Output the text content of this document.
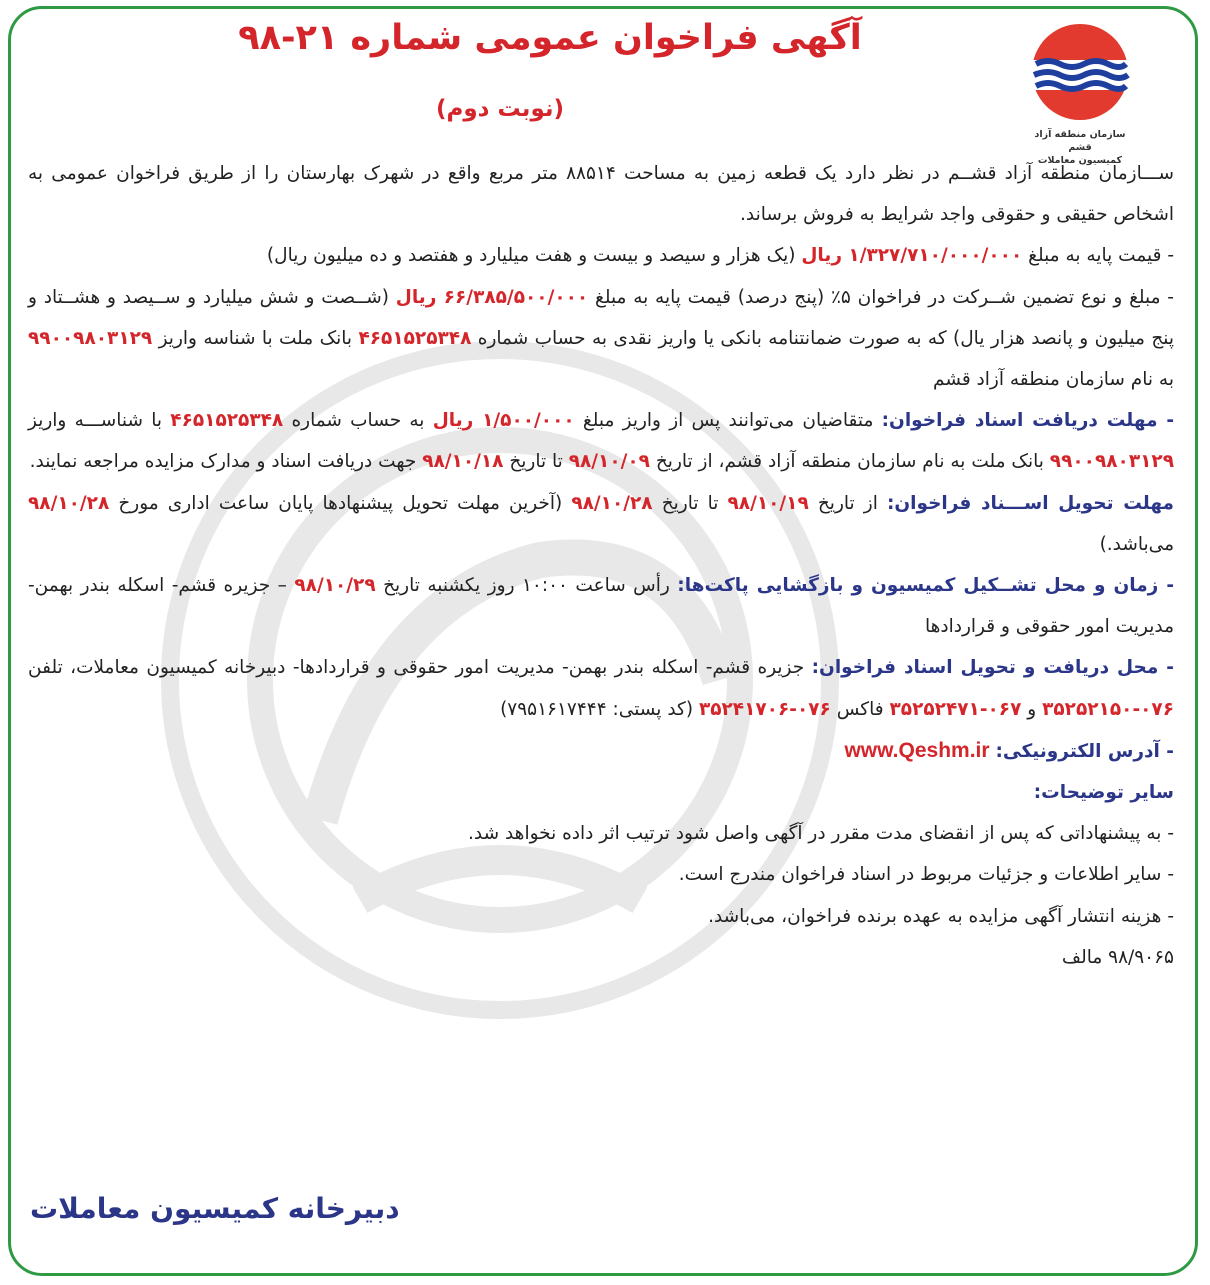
سازمان منطقه آزاد قشم
کمیسیون معاملات
آگهی فراخوان عمومی شماره ۲۱-۹۸
(نوبت دوم)

ســـازمان منطقه آزاد قشــم در نظر دارد یک قطعه زمین به مساحت ۸۸۵۱۴ متر مربع واقع در شهرک بهارستان را از طریق فراخوان عمومی به اشخاص حقیقی و حقوقی واجد شرایط به فروش برساند.

- قیمت پایه به مبلغ ۱/۳۲۷/۷۱۰/۰۰۰/۰۰۰ ریال (یک هزار و سیصد و بیست و هفت میلیارد و هفتصد و ده میلیون ریال)

- مبلغ و نوع تضمین شــرکت در فراخوان ۵٪ (پنج درصد) قیمت پایه به مبلغ ۶۶/۳۸۵/۵۰۰/۰۰۰ ریال (شــصت و شش میلیارد و ســیصد و هشــتاد و پنج میلیون و پانصد هزار یال) که به صورت ضمانتنامه بانکی یا واریز نقدی به حساب شماره ۴۶۵۱۵۲۵۳۴۸ بانک ملت با شناسه واریز ۹۹۰۰۹۸۰۳۱۲۹ به نام سازمان منطقه آزاد قشم

- مهلت دریافت اسناد فراخوان: متقاضیان می‌توانند پس از واریز مبلغ ۱/۵۰۰/۰۰۰ ریال به حساب شماره ۴۶۵۱۵۲۵۳۴۸ با شناســـه واریز ۹۹۰۰۹۸۰۳۱۲۹ بانک ملت به نام سازمان منطقه آزاد قشم، از تاریخ ۹۸/۱۰/۰۹ تا تاریخ ۹۸/۱۰/۱۸ جهت دریافت اسناد و مدارک مزایده مراجعه نمایند.

مهلت تحویل اســـناد فراخوان: از تاریخ ۹۸/۱۰/۱۹ تا تاریخ ۹۸/۱۰/۲۸ (آخرین مهلت تحویل پیشنهادها پایان ساعت اداری مورخ ۹۸/۱۰/۲۸ می‌باشد.)

- زمان و محل تشــکیل کمیسیون و بازگشایی پاکت‌ها: رأس ساعت ۱۰:۰۰ روز یکشنبه تاریخ ۹۸/۱۰/۲۹ – جزیره قشم- اسکله بندر بهمن- مدیریت امور حقوقی و قراردادها

- محل دریافت و تحویل اسناد فراخوان: جزیره قشم- اسکله بندر بهمن- مدیریت امور حقوقی و قراردادها- دبیرخانه کمیسیون معاملات، تلفن ۰۷۶-۳۵۲۵۲۱۵۰ و ۰۶۷-۳۵۲۵۲۴۷۱ فاکس ۰۷۶-۳۵۲۴۱۷۰۶ (کد پستی: ۷۹۵۱۶۱۷۴۴۴)

- آدرس الکترونیکی: www.Qeshm.ir

سایر توضیحات:

- به پیشنهاداتی که پس از انقضای مدت مقرر در آگهی واصل شود ترتیب اثر داده نخواهد شد.

- سایر اطلاعات و جزئیات مربوط در اسناد فراخوان مندرج است.

- هزینه انتشار آگهی مزایده به عهده برنده فراخوان، می‌باشد.

۹۸/۹۰۶۵ مالف

دبیرخانه کمیسیون معاملات
